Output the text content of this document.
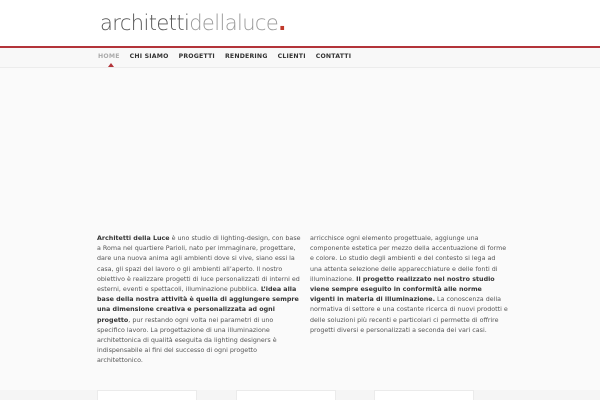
architettidellaluce.
HOME	CHI SIAMO	PROGETTI	RENDERING	CLIENTI	CONTATTI
Architetti della Luce è uno studio di lighting-design, con base a Roma nel quartiere Parioli, nato per immaginare, progettare, dare una nuova anima agli ambienti dove si vive, siano essi la casa, gli spazi del lavoro o gli ambienti all’aperto. Il nostro obiettivo è realizzare progetti di luce personalizzati di interni ed esterni, eventi e spettacoli, illuminazione pubblica. L’idea alla base della nostra attività è quella di aggiungere sempre una dimensione creativa e personalizzata ad ogni progetto, pur restando ogni volta nei parametri di uno specifico lavoro. La progettazione di una illuminazione architettonica di qualità eseguita da lighting designers è indispensabile ai fini del successo di ogni progetto architettonico.
arricchisce ogni elemento progettuale, aggiunge una componente estetica per mezzo della accentuazione di forme e colore. Lo studio degli ambienti e del contesto si lega ad una attenta selezione delle apparecchiature e delle fonti di illuminazione. Il progetto realizzato nel nostro studio viene sempre eseguito in conformità alle norme vigenti in materia di illuminazione. La conoscenza della normativa di settore e una costante ricerca di nuovi prodotti e delle soluzioni più recenti e particolari ci permette di offrire progetti diversi e personalizzati a seconda dei vari casi.
